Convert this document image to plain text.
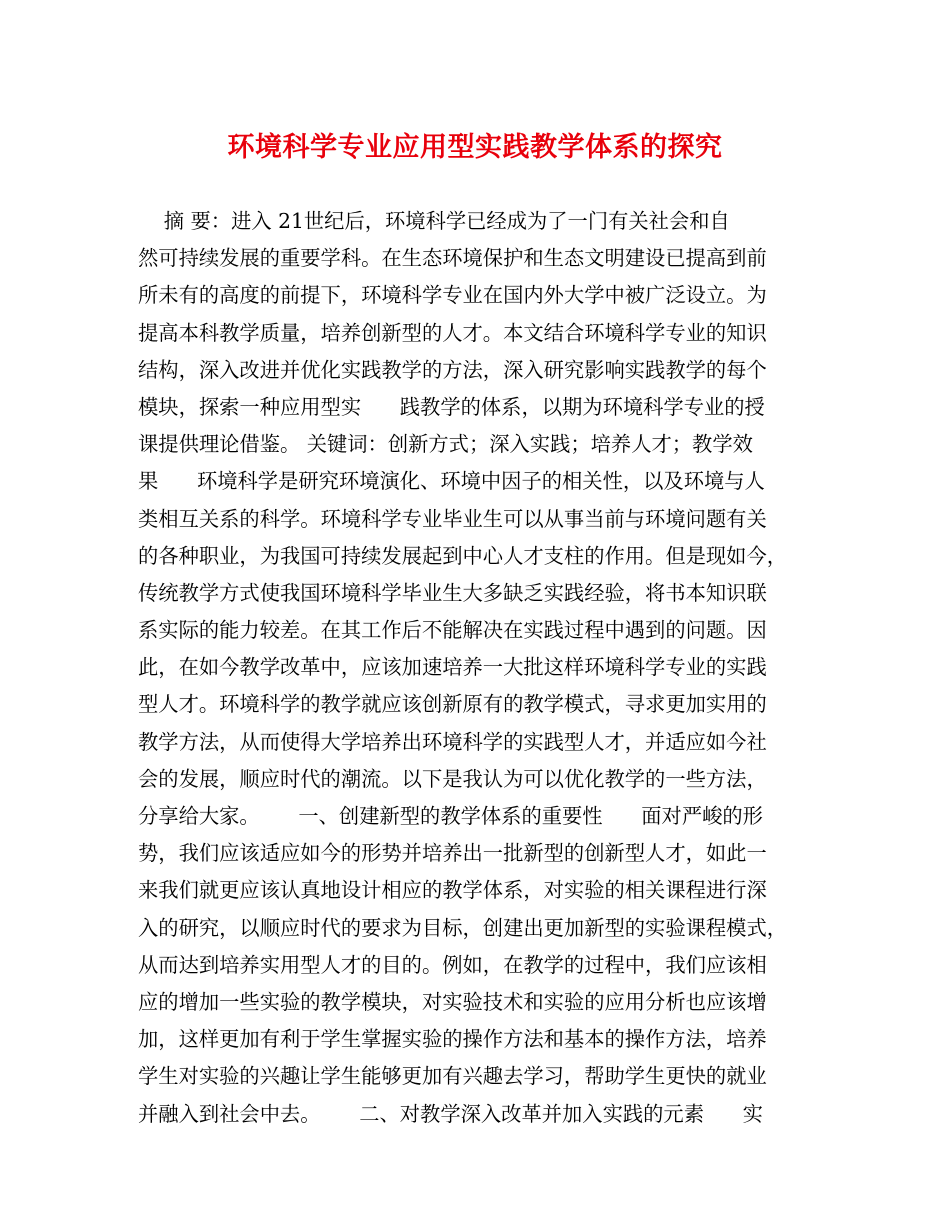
环境科学专业应用型实践教学体系的探究
摘 要：进入 21世纪后，环境科学已经成为了一门有关社会和自
然可持续发展的重要学科。在生态环境保护和生态文明建设已提高到前
所未有的高度的前提下，环境科学专业在国内外大学中被广泛设立。为
提高本科教学质量，培养创新型的人才。本文结合环境科学专业的知识
结构，深入改进并优化实践教学的方法，深入研究影响实践教学的每个
模块，探索一种应用型实      践教学的体系，以期为环境科学专业的授
课提供理论借鉴。 关键词：创新方式；深入实践；培养人才；教学效
果      环境科学是研究环境演化、环境中因子的相关性，以及环境与人
类相互关系的科学。环境科学专业毕业生可以从事当前与环境问题有关
的各种职业，为我国可持续发展起到中心人才支柱的作用。但是现如今，
传统教学方式使我国环境科学毕业生大多缺乏实践经验，将书本知识联
系实际的能力较差。在其工作后不能解决在实践过程中遇到的问题。因
此，在如今教学改革中，应该加速培养一大批这样环境科学专业的实践
型人才。环境科学的教学就应该创新原有的教学模式，寻求更加实用的
教学方法，从而使得大学培养出环境科学的实践型人才，并适应如今社
会的发展，顺应时代的潮流。以下是我认为可以优化教学的一些方法，
分享给大家。      一、创建新型的教学体系的重要性      面对严峻的形
势，我们应该适应如今的形势并培养出一批新型的创新型人才，如此一
来我们就更应该认真地设计相应的教学体系，对实验的相关课程进行深
入的研究，以顺应时代的要求为目标，创建出更加新型的实验课程模式，
从而达到培养实用型人才的目的。例如，在教学的过程中，我们应该相
应的增加一些实验的教学模块，对实验技术和实验的应用分析也应该增
加，这样更加有利于学生掌握实验的操作方法和基本的操作方法，培养
学生对实验的兴趣让学生能够更加有兴趣去学习，帮助学生更快的就业
并融入到社会中去。      二、对教学深入改革并加入实践的元素      实
